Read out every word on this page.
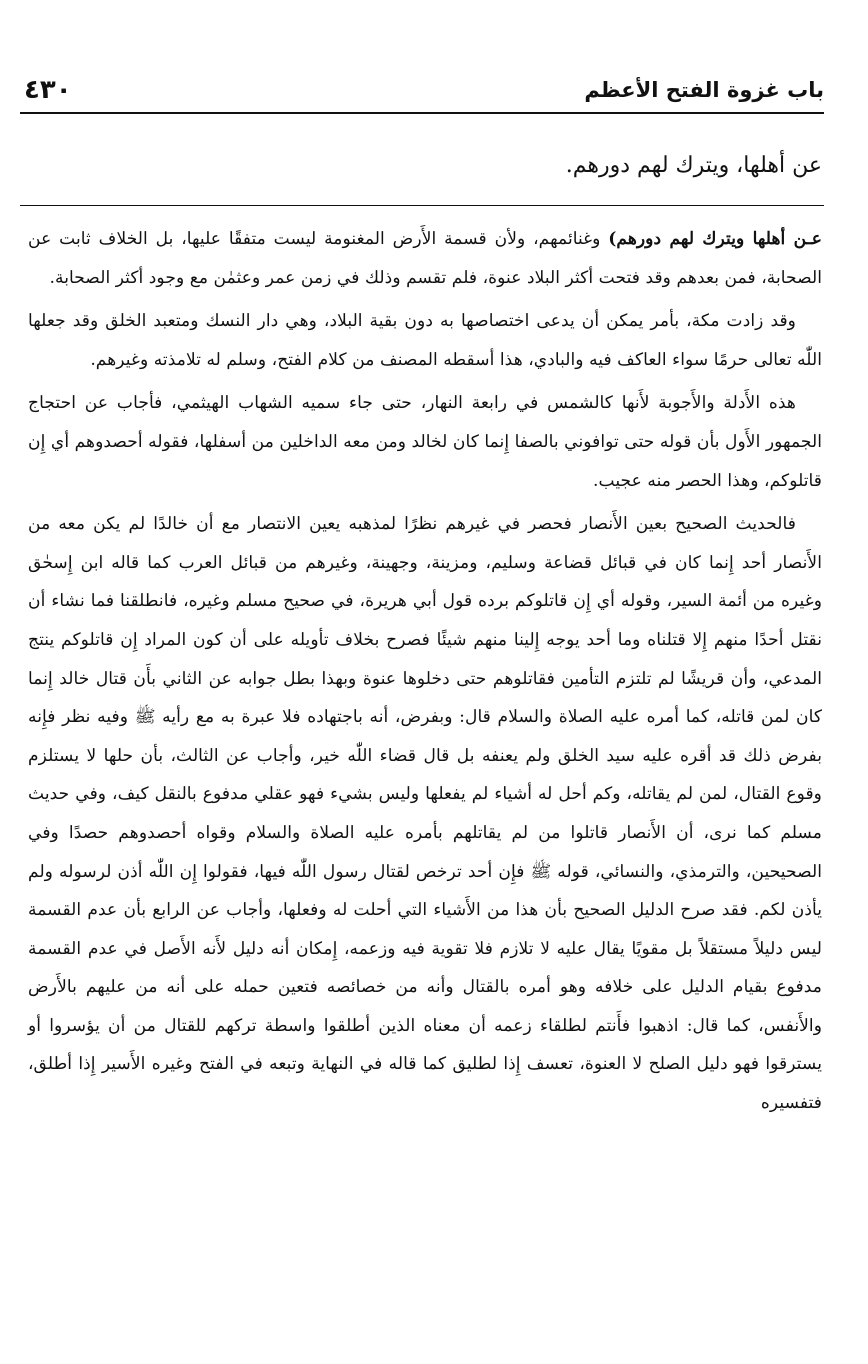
٤٣٠	باب غزوة الفتح الأعظم
عن أهلها، ويترك لهم دورهم.

عـن أهلها ويترك لهم دورهم) وغنائمهم، ولأن قسمة الأَرض المغنومة ليست متفقًا عليها، بل الخلاف ثابت عن الصحابة، فمن بعدهم وقد فتحت أكثر البلاد عنوة، فلم تقسم وذلك في زمن عمر وعثمٰن مع وجود أكثر الصحابة.

وقد زادت مكة، بأمر يمكن أن يدعى اختصاصها به دون بقية البلاد، وهي دار النسك ومتعبد الخلق وقد جعلها اللّٰه تعالى حرمًا سواء العاكف فيه والبادي، هذا أسقطه المصنف من كلام الفتح، وسلم له تلامذته وغيرهم.

هذه الأَدلة والأَجوبة لأَنها كالشمس في رابعة النهار، حتى جاء سميه الشهاب الهيثمي، فأجاب عن احتجاج الجمهور الأَول بأن قوله حتى توافوني بالصفا إِنما كان لخالد ومن معه الداخلين من أسفلها، فقوله أحصدوهم أي إِن قاتلوكم، وهذا الحصر منه عجيب.

فالحديث الصحيح بعين الأَنصار فحصر في غيرهم نظرًا لمذهبه يعين الانتصار مع أن خالدًا لم يكن معه من الأَنصار أحد إِنما كان في قبائل قضاعة وسليم، ومزينة، وجهينة، وغيرهم من قبائل العرب كما قاله ابن إِسحٰق وغيره من أئمة السير، وقوله أي إِن قاتلوكم برده قول أبي هريرة، في صحيح مسلم وغيره، فانطلقنا فما نشاء أن نقتل أحدًا منهم إِلا قتلناه وما أحد يوجه إِلينا منهم شيئًا فصرح بخلاف تأويله على أن كون المراد إِن قاتلوكم ينتج المدعي، وأن قريشًا لم تلتزم التأمين فقاتلوهم حتى دخلوها عنوة وبهذا بطل جوابه عن الثاني بأَن قتال خالد إِنما كان لمن قاتله، كما أمره عليه الصلاة والسلام قال: وبفرض، أنه باجتهاده فلا عبرة به مع رأيه ﷺ وفيه نظر فإِنه بفرض ذلك قد أقره عليه سيد الخلق ولم يعنفه بل قال قضاء اللّٰه خير، وأجاب عن الثالث، بأن حلها لا يستلزم وقوع القتال، لمن لم يقاتله، وكم أحل له أشياء لم يفعلها وليس بشيء فهو عقلي مدفوع بالنقل كيف، وفي حديث مسلم كما نرى، أن الأَنصار قاتلوا من لم يقاتلهم بأمره عليه الصلاة والسلام وقواه أحصدوهم حصدًا وفي الصحيحين، والترمذي، والنسائي، قوله ﷺ فإِن أحد ترخص لقتال رسول اللّٰه فيها، فقولوا إِن اللّٰه أذن لرسوله ولم يأذن لكم. فقد صرح الدليل الصحيح بأن هذا من الأَشياء التي أحلت له وفعلها، وأجاب عن الرابع بأن عدم القسمة ليس دليلاً مستقلاً بل مقويًا يقال عليه لا تلازم فلا تقوية فيه وزعمه، إِمكان أنه دليل لأَنه الأَصل في عدم القسمة مدفوع بقيام الدليل على خلافه وهو أمره بالقتال وأنه من خصائصه فتعين حمله على أنه من عليهم بالأَرض والأَنفس، كما قال: اذهبوا فأَنتم لطلقاء زعمه أن معناه الذين أطلقوا واسطة تركهم للقتال من أن يؤسروا أو يسترقوا فهو دليل الصلح لا العنوة، تعسف إِذا لطليق كما قاله في النهاية وتبعه في الفتح وغيره الأَسير إِذا أطلق، فتفسيره
